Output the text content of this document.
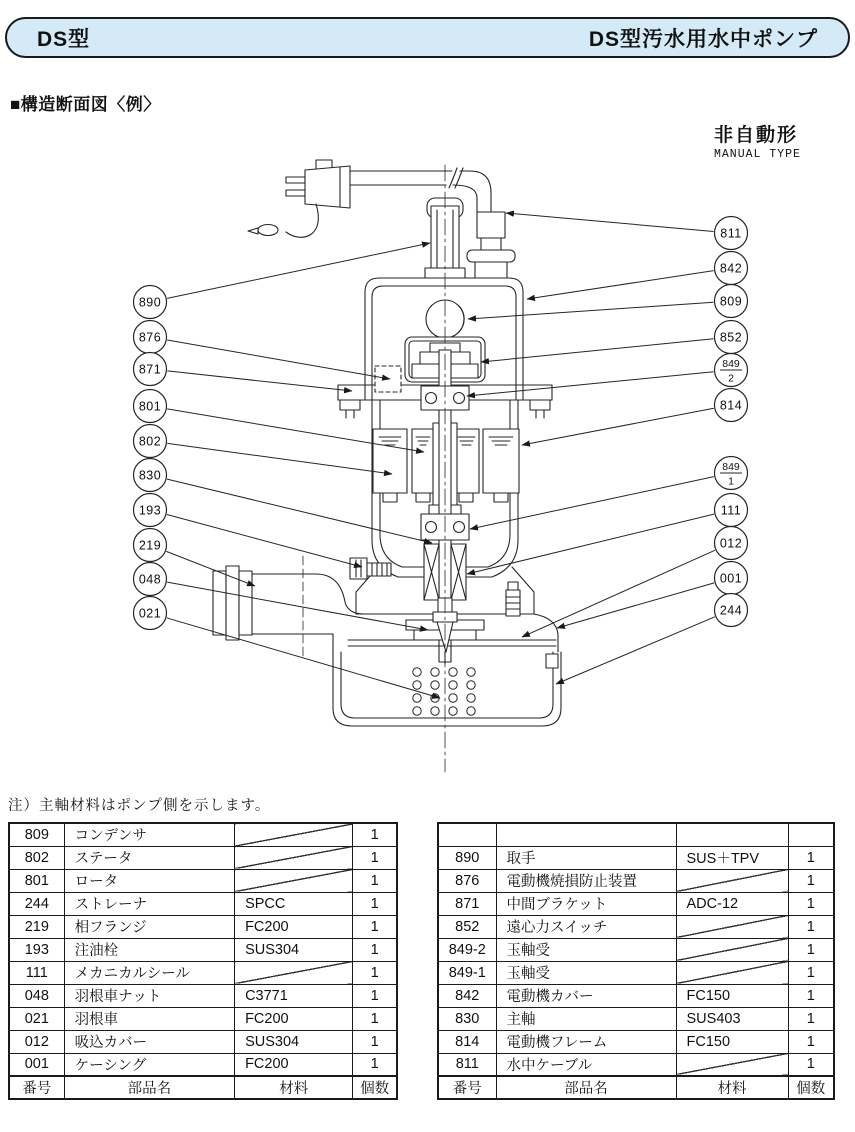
DS型	DS型汚水用水中ポンプ
■構造断面図〈例〉
非自動形
MANUAL TYPE
890
876
871
801
802
830
193
219
048
021
811
842
809
852
849
2
814
849
1
111
012
001
244
注）主軸材料はポンプ側を示します。
809	コンデンサ		1
802	ステータ		1
801	ロータ		1
244	ストレーナ	SPCC	1
219	相フランジ	FC200	1
193	注油栓	SUS304	1
111	メカニカルシール		1
048	羽根車ナット	C3771	1
021	羽根車	FC200	1
012	吸込カバー	SUS304	1
001	ケーシング	FC200	1
番号	部品名	材料	個数

890	取手	SUS＋TPV	1
876	電動機焼損防止装置		1
871	中間ブラケット	ADC-12	1
852	遠心力スイッチ		1
849-2	玉軸受		1
849-1	玉軸受		1
842	電動機カバー	FC150	1
830	主軸	SUS403	1
814	電動機フレーム	FC150	1
811	水中ケーブル		1
番号	部品名	材料	個数
